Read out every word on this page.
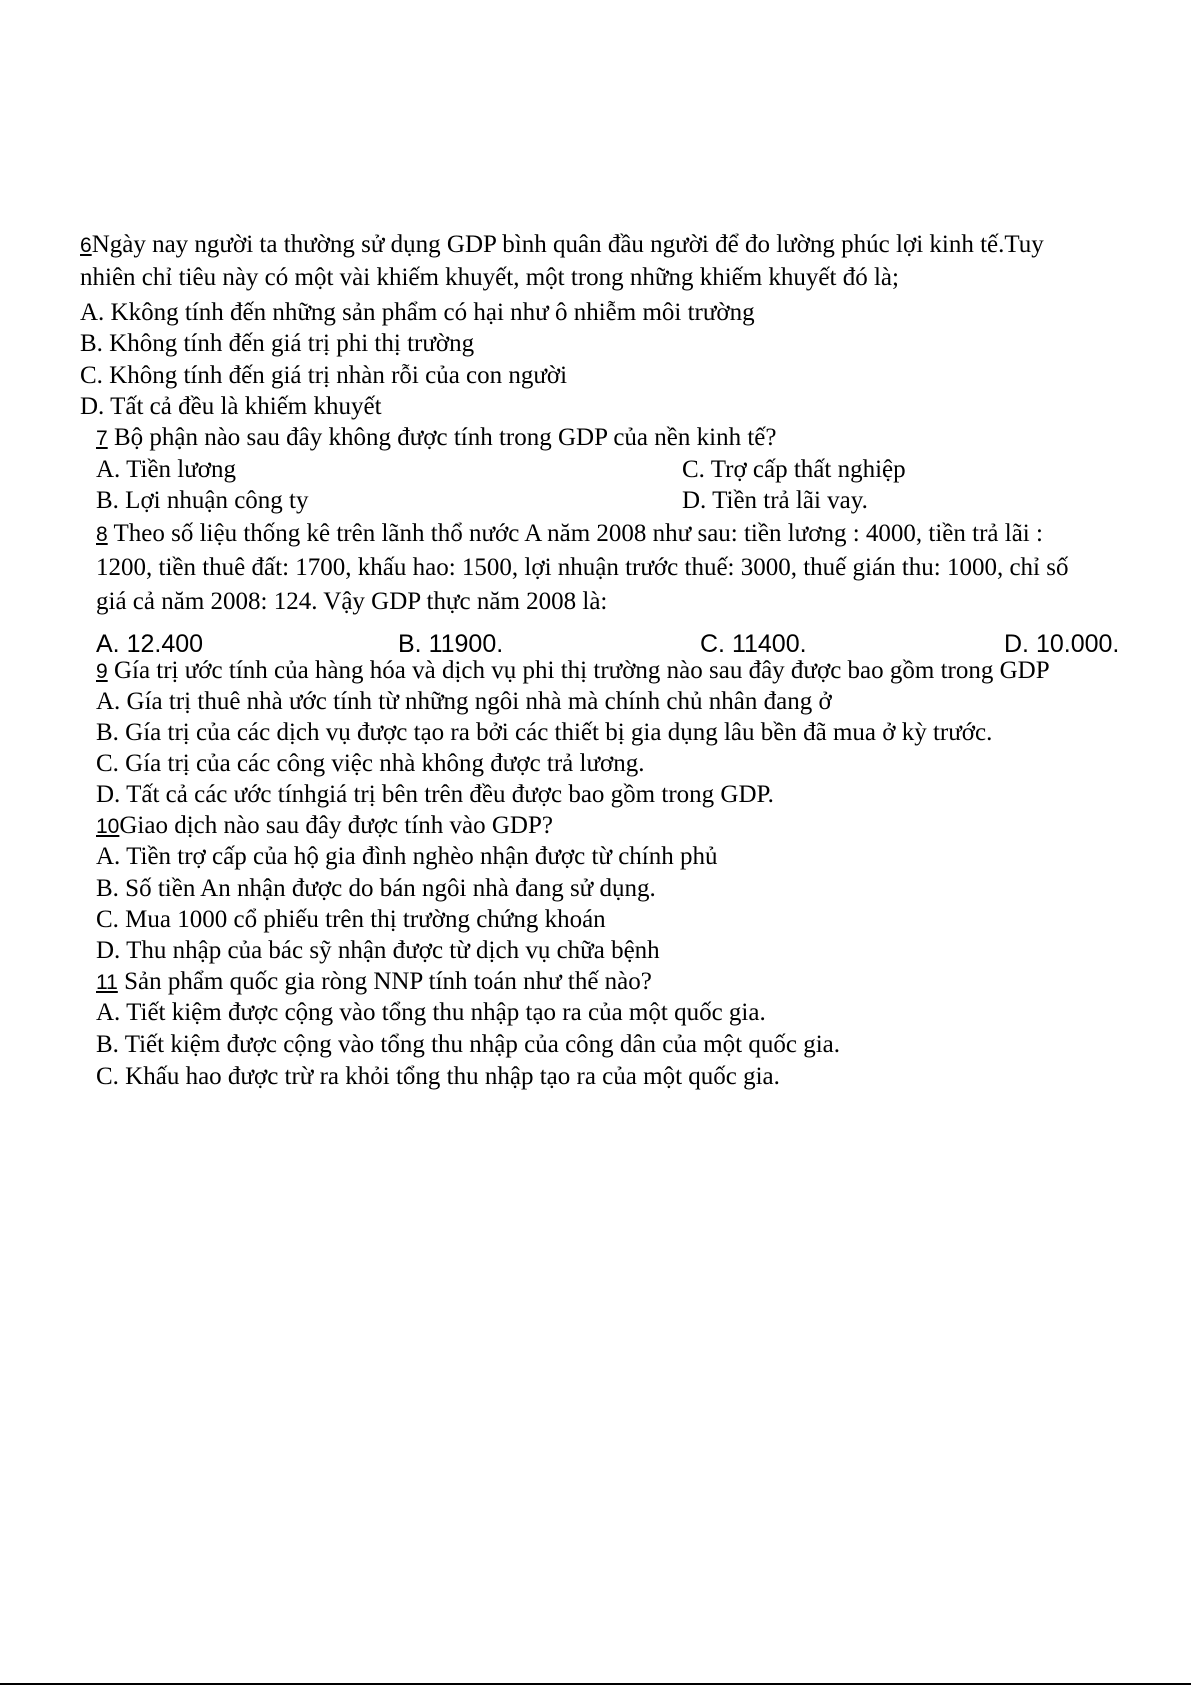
6Ngày nay người ta thường sử dụng GDP bình quân đầu người để đo lường phúc lợi kinh tế.Tuy
nhiên chỉ tiêu này có một vài khiếm khuyết, một trong những khiếm khuyết đó là;
A. Kkông tính đến những sản phẩm có hại như ô nhiễm môi trường
B. Không tính đến giá trị phi thị trường
C. Không tính đến giá trị nhàn rỗi của con người
D. Tất cả đều là khiếm khuyết
7 Bộ phận nào sau đây không được tính trong GDP của nền kinh tế?
A. Tiền lương	C. Trợ cấp thất nghiệp
B. Lợi nhuận công ty	D. Tiền trả lãi vay.
8 Theo số liệu thống kê trên lãnh thổ nước A năm 2008 như sau: tiền lương : 4000, tiền trả lãi :
1200, tiền thuê đất: 1700, khấu hao: 1500, lợi nhuận trước thuế: 3000, thuế gián thu: 1000, chỉ số
giá cả năm 2008: 124. Vậy GDP thực năm 2008 là:
A. 12.400	B. 11900.	C. 11400.	D. 10.000.
9 Gía trị ước tính của hàng hóa và dịch vụ phi thị trường nào sau đây được bao gồm trong GDP
A. Gía trị thuê nhà ước tính từ những ngôi nhà mà chính chủ nhân đang ở
B. Gía trị của các dịch vụ được tạo ra bởi các thiết bị gia dụng lâu bền đã mua ở kỳ trước.
C. Gía trị của các công việc nhà không được trả lương.
D. Tất cả các ước tínhgiá trị bên trên đều được bao gồm trong GDP.
10Giao dịch nào sau đây được tính vào GDP?
A. Tiền trợ cấp của hộ gia đình nghèo nhận được từ chính phủ
B. Số tiền An nhận được do bán ngôi nhà đang sử dụng.
C. Mua 1000 cổ phiếu trên thị trường chứng khoán
D. Thu nhập của bác sỹ nhận được từ dịch vụ chữa bệnh
11 Sản phẩm quốc gia ròng NNP tính toán như thế nào?
A. Tiết kiệm được cộng vào tổng thu nhập tạo ra của một quốc gia.
B. Tiết kiệm được cộng vào tổng thu nhập của công dân của một quốc gia.
C. Khấu hao được trừ ra khỏi tổng thu nhập tạo ra của một quốc gia.
